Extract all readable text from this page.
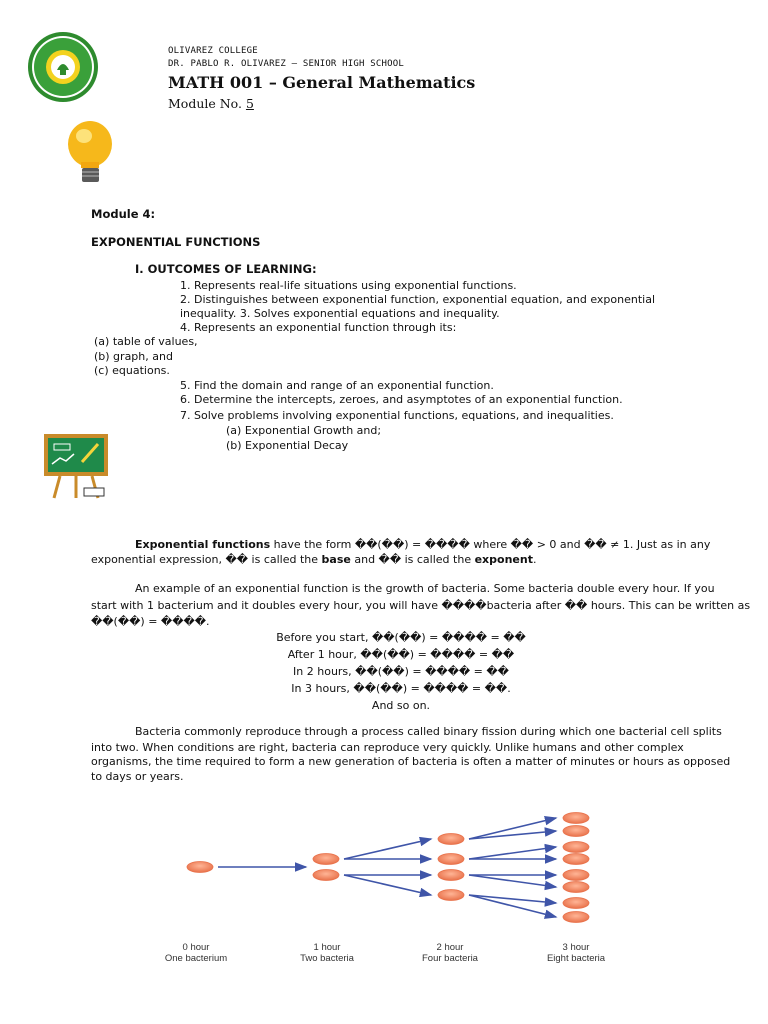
OLIVAREZ COLLEGE
DR. PABLO R. OLIVAREZ – SENIOR HIGH SCHOOL
MATH 001 – General Mathematics
Module No. 5
Module 4:
EXPONENTIAL FUNCTIONS
I. OUTCOMES OF LEARNING:
1. Represents real-life situations using exponential functions.
2. Distinguishes between exponential function, exponential equation, and exponential
inequality. 3. Solves exponential equations and inequality.
4. Represents an exponential function through its:
(a) table of values,
(b) graph, and
(c) equations.
5. Find the domain and range of an exponential function.
6. Determine the intercepts, zeroes, and asymptotes of an exponential function.
7. Solve problems involving exponential functions, equations, and inequalities.
(a) Exponential Growth and;
(b) Exponential Decay
Exponential functions have the form ��(��) = ���� where �� > 0 and �� ≠ 1. Just as in any
exponential expression, �� is called the base and �� is called the exponent.
An example of an exponential function is the growth of bacteria. Some bacteria double every hour. If you
start with 1 bacterium and it doubles every hour, you will have ����bacteria after �� hours. This can be written as
��(��) = ����.
Before you start, ��(��) = ���� = ��
After 1 hour, ��(��) = ���� = ��
In 2 hours, ��(��) = ���� = ��
In 3 hours, ��(��) = ���� = ��.
And so on.
Bacteria commonly reproduce through a process called binary fission during which one bacterial cell splits
into two. When conditions are right, bacteria can reproduce very quickly. Unlike humans and other complex
organisms, the time required to form a new generation of bacteria is often a matter of minutes or hours as opposed
to days or years.
0 hour
One bacterium
1 hour
Two bacteria
2 hour
Four bacteria
3 hour
Eight bacteria
